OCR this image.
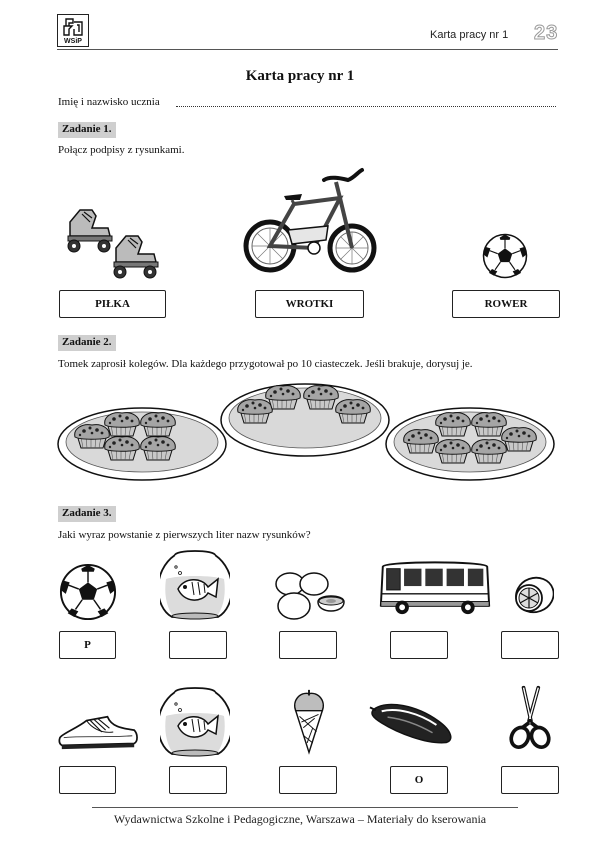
WSiP
Karta pracy nr 1 23
Karta pracy nr 1
Imię i nazwisko ucznia
Zadanie 1.
Połącz podpisy z rysunkami.
PIŁKA	WROTKI	ROWER
Zadanie 2.
Tomek zaprosił kolegów. Dla każdego przygotował po 10 ciasteczek. Jeśli brakuje, dorysuj je.
Zadanie 3.
Jaki wyraz powstanie z pierwszych liter nazw rysunków?
P
O
Wydawnictwa Szkolne i Pedagogiczne, Warszawa – Materiały do kserowania
